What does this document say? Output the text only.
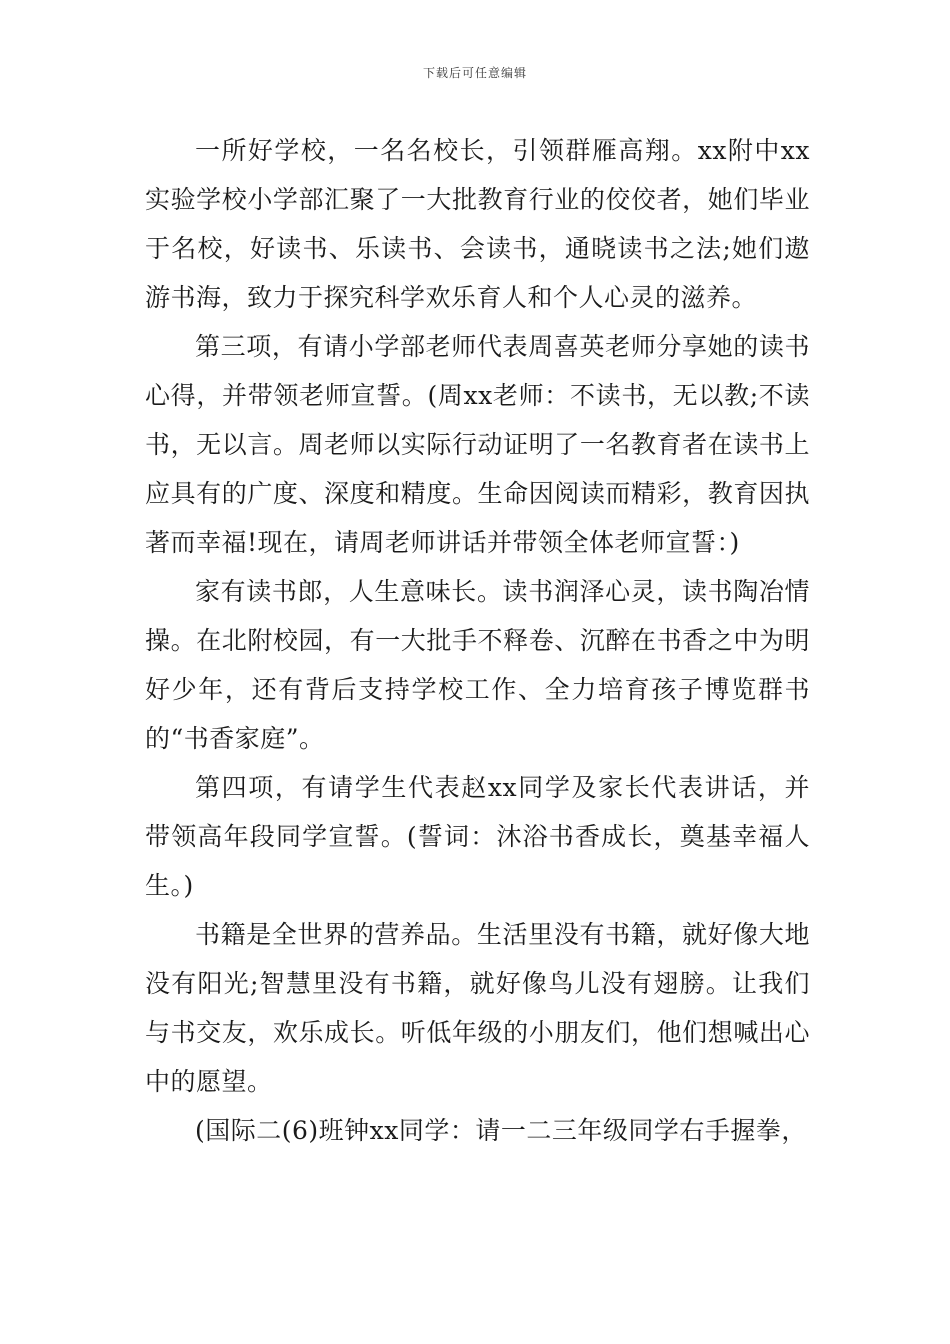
下载后可任意编辑

一所好学校，一名名校长，引领群雁高翔。xx附中xx实验学校小学部汇聚了一大批教育行业的佼佼者，她们毕业于名校，好读书、乐读书、会读书，通晓读书之法;她们遨游书海，致力于探究科学欢乐育人和个人心灵的滋养。

第三项，有请小学部老师代表周喜英老师分享她的读书心得，并带领老师宣誓。(周xx老师：不读书，无以教;不读书，无以言。周老师以实际行动证明了一名教育者在读书上应具有的广度、深度和精度。生命因阅读而精彩，教育因执著而幸福!现在，请周老师讲话并带领全体老师宣誓：)

家有读书郎，人生意味长。读书润泽心灵，读书陶冶情操。在北附校园，有一大批手不释卷、沉醉在书香之中为明好少年，还有背后支持学校工作、全力培育孩子博览群书的“书香家庭”。

第四项，有请学生代表赵xx同学及家长代表讲话，并带领高年段同学宣誓。(誓词：沐浴书香成长，奠基幸福人生。)

书籍是全世界的营养品。生活里没有书籍，就好像大地没有阳光;智慧里没有书籍，就好像鸟儿没有翅膀。让我们与书交友，欢乐成长。听低年级的小朋友们，他们想喊出心中的愿望。

(国际二(6)班钟xx同学：请一二三年级同学右手握拳，
